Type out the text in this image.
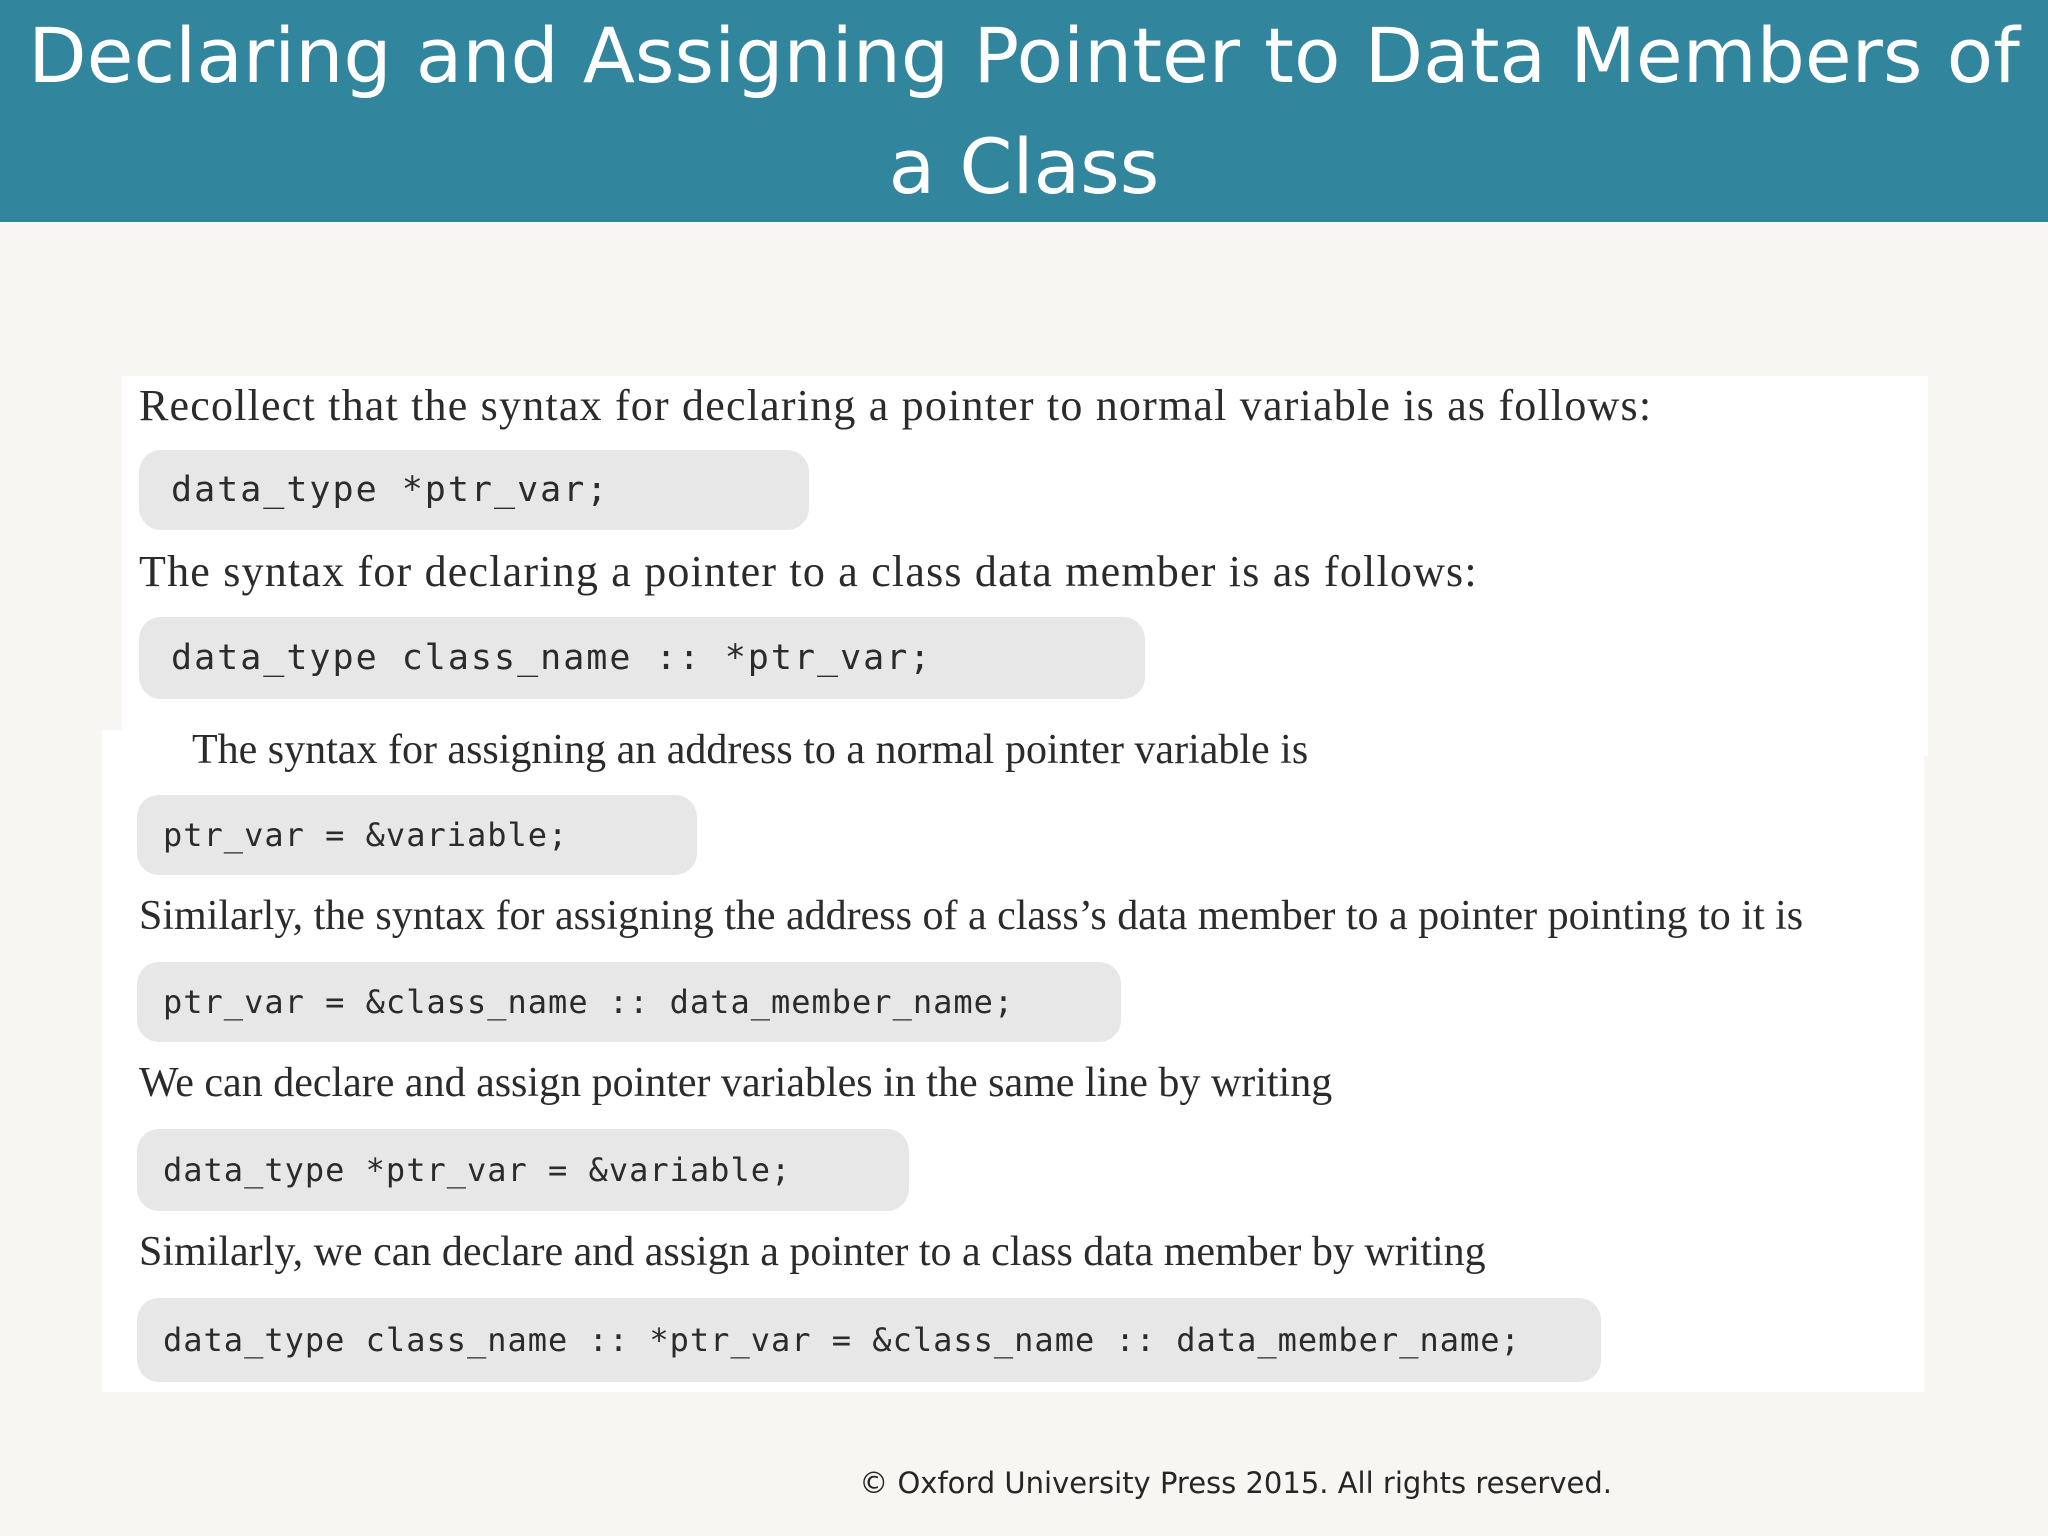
Declaring and Assigning Pointer to Data Members of a Class
Recollect that the syntax for declaring a pointer to normal variable is as follows:
data_type *ptr_var;
The syntax for declaring a pointer to a class data member is as follows:
data_type class_name :: *ptr_var;
The syntax for assigning an address to a normal pointer variable is
ptr_var = &variable;
Similarly, the syntax for assigning the address of a class’s data member to a pointer pointing to it is
ptr_var = &class_name :: data_member_name;
We can declare and assign pointer variables in the same line by writing
data_type *ptr_var = &variable;
Similarly, we can declare and assign a pointer to a class data member by writing
data_type class_name :: *ptr_var = &class_name :: data_member_name;
© Oxford University Press 2015. All rights reserved.
